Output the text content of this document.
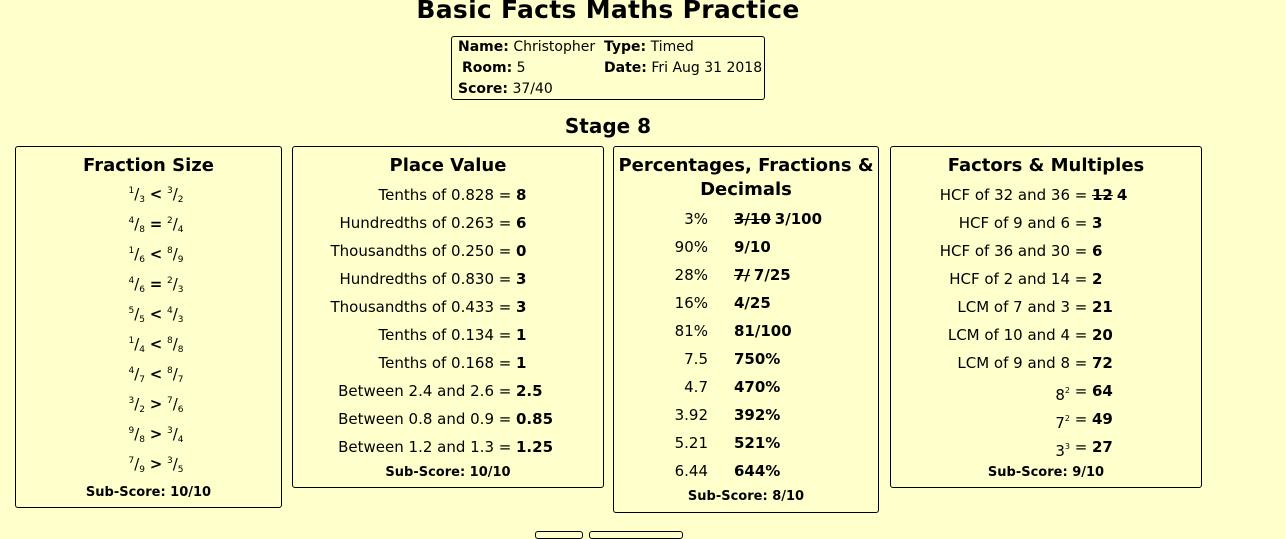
Basic Facts Maths Practice
Name: Christopher Type: Timed
Room: 5	Date: Fri Aug 31 2018
Score: 37/40
Stage 8
Fraction Size
Sub-Score: 10/10
$^1/_3 < ^3/_2$
$^4/_8 = ^2/_4$
$^1/_6 < ^8/_9$
$^4/_6 = ^2/_3$
$^5/_5 < ^4/_3$
$^1/_4 < ^8/_8$
$^4/_7 < ^8/_7$
$^3/_2 > ^7/_6$
$^9/_8 > ^3/_4$
$^7/_9 > ^3/_5$
Place Value
Sub-Score: 10/10
Tenths of 0.828 = 8
Hundredths of 0.263 = 6
Thousandths of 0.250 = 0
Hundredths of 0.830 = 3
Thousandths of 0.433 = 3
Tenths of 0.134 = 1
Tenths of 0.168 = 1
Between 2.4 and 2.6 = 2.5
Between 0.8 and 0.9 = 0.85
Between 1.2 and 1.3 = 1.25
Percentages, Fractions &
Decimals
Sub-Score: 8/10
3% 3/10 3/100
90% 9/10
28% 7/ 7/25
16% 4/25
81% 81/100
7.5 750%
4.7 470%
3.92 392%
5.21 521%
6.44 644%
Factors & Multiples
Sub-Score: 9/10
HCF of 32 and 36 = 12 4
HCF of 9 and 6 = 3
HCF of 36 and 30 = 6
HCF of 2 and 14 = 2
LCM of 7 and 3 = 21
LCM of 10 and 4 = 20
LCM of 9 and 8 = 72
$8^2 = 64$
$7^2 = 49$
$3^3 = 27$
